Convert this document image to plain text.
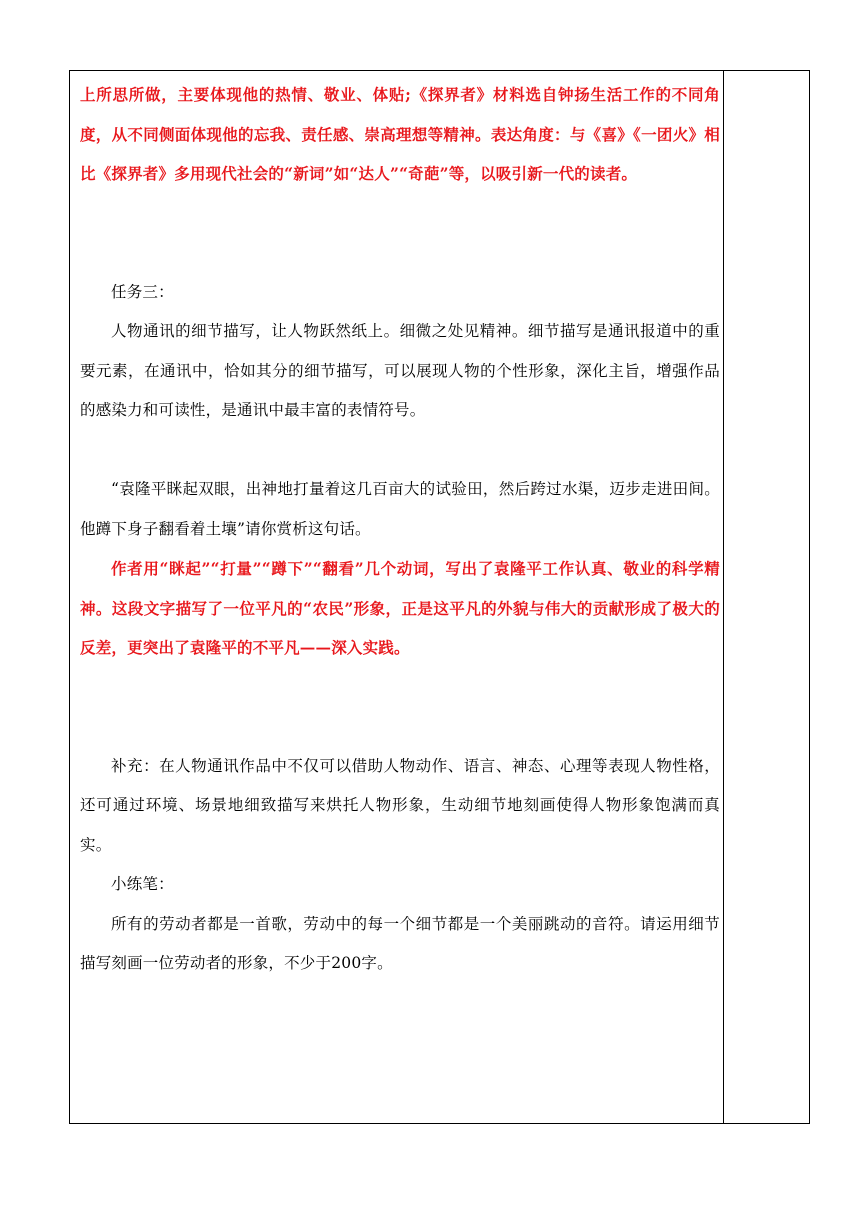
上所思所做，主要体现他的热情、敬业、体贴;《探界者》材料选自钟扬生活工作的不同角度，从不同侧面体现他的忘我、责任感、崇高理想等精神。表达角度：与《喜》《一团火》相比《探界者》多用现代社会的“新词”如“达人”“奇葩”等，以吸引新一代的读者。

任务三：

人物通讯的细节描写，让人物跃然纸上。细微之处见精神。细节描写是通讯报道中的重要元素，在通讯中，恰如其分的细节描写，可以展现人物的个性形象，深化主旨，增强作品的感染力和可读性，是通讯中最丰富的表情符号。

“袁隆平眯起双眼，出神地打量着这几百亩大的试验田，然后跨过水渠，迈步走进田间。他蹲下身子翻看着土壤”请你赏析这句话。

作者用“眯起”“打量”“蹲下”“翻看”几个动词，写出了袁隆平工作认真、敬业的科学精神。这段文字描写了一位平凡的“农民”形象，正是这平凡的外貌与伟大的贡献形成了极大的反差，更突出了袁隆平的不平凡——深入实践。

补充：在人物通讯作品中不仅可以借助人物动作、语言、神态、心理等表现人物性格，还可通过环境、场景地细致描写来烘托人物形象，生动细节地刻画使得人物形象饱满而真实。

小练笔：

所有的劳动者都是一首歌，劳动中的每一个细节都是一个美丽跳动的音符。请运用细节描写刻画一位劳动者的形象，不少于200字。
